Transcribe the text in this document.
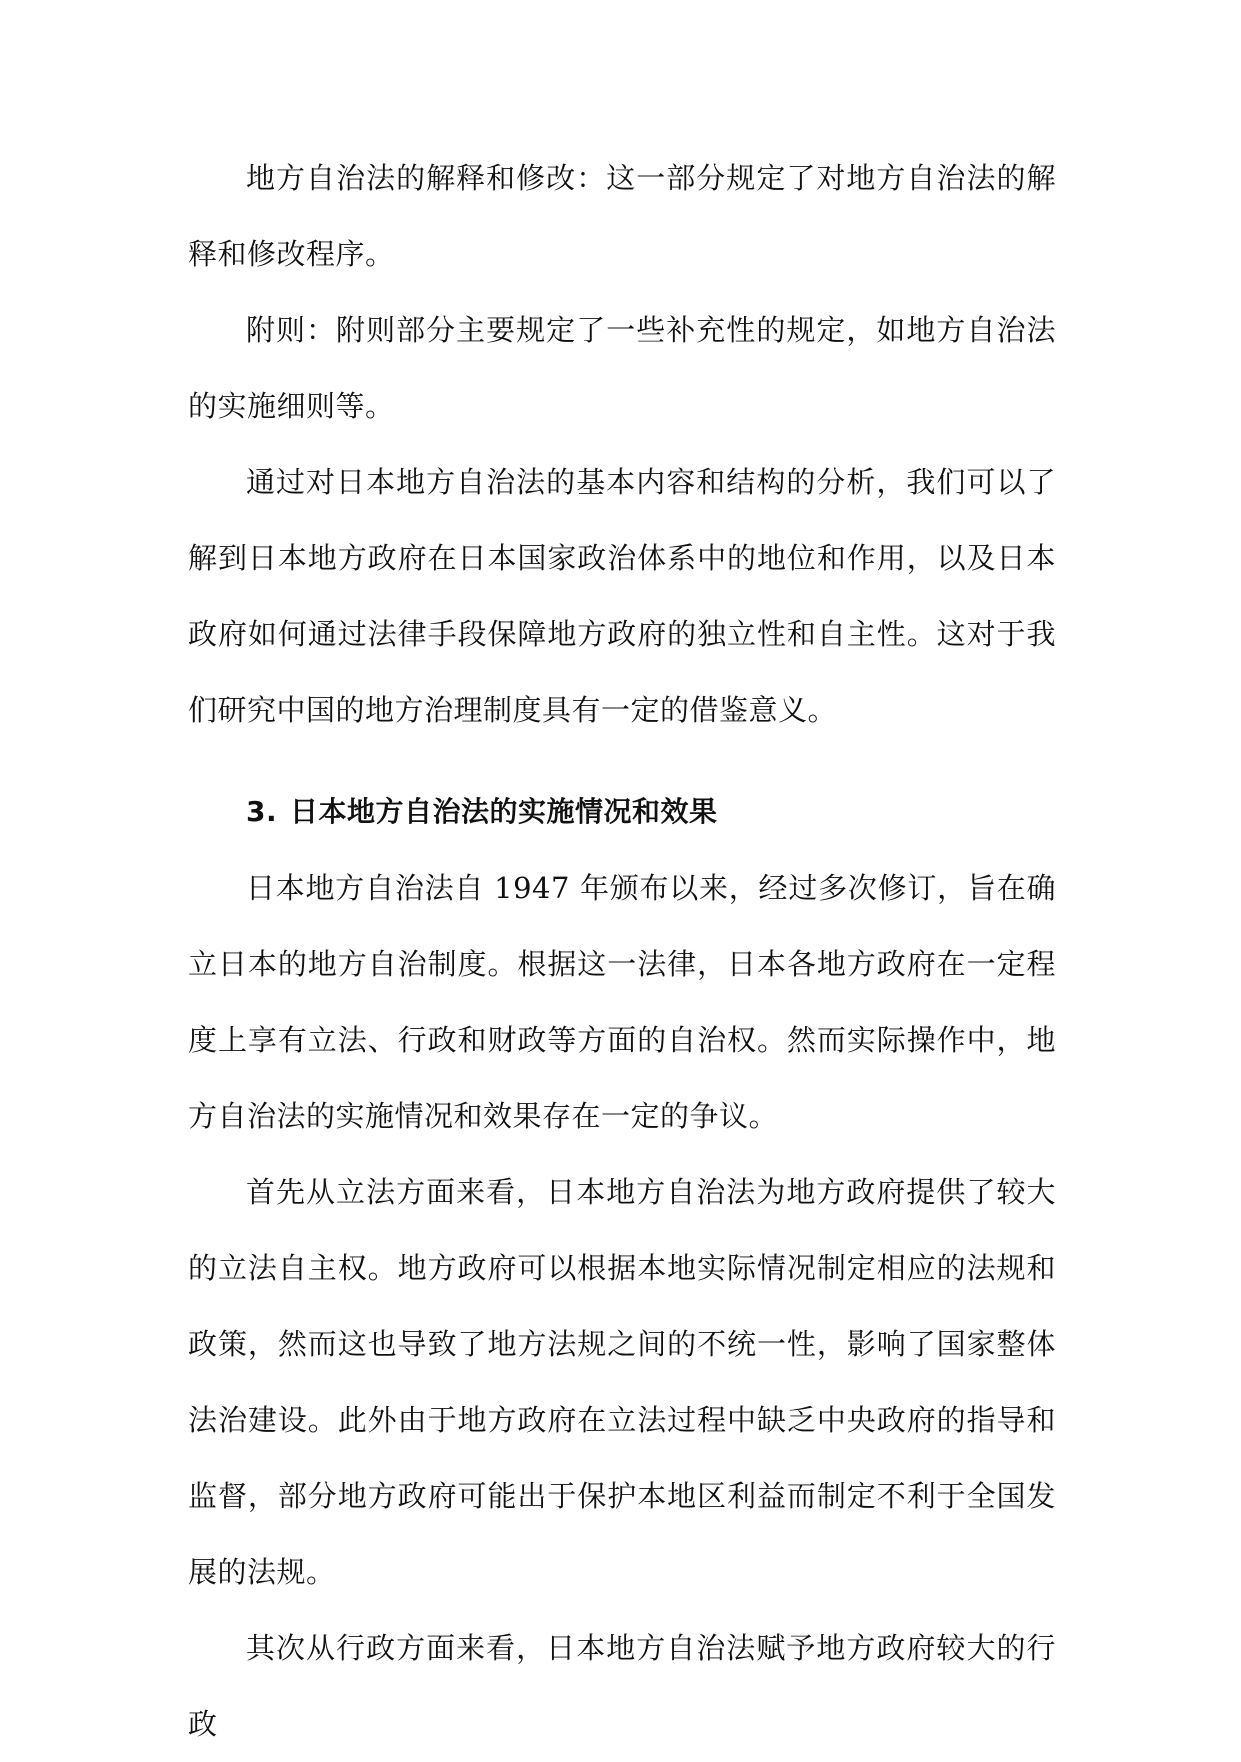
地方自治法的解释和修改：这一部分规定了对地方自治法的解释和修改程序。

附则：附则部分主要规定了一些补充性的规定，如地方自治法的实施细则等。

通过对日本地方自治法的基本内容和结构的分析，我们可以了解到日本地方政府在日本国家政治体系中的地位和作用，以及日本政府如何通过法律手段保障地方政府的独立性和自主性。这对于我们研究中国的地方治理制度具有一定的借鉴意义。

3. 日本地方自治法的实施情况和效果

日本地方自治法自 1947 年颁布以来，经过多次修订，旨在确立日本的地方自治制度。根据这一法律，日本各地方政府在一定程度上享有立法、行政和财政等方面的自治权。然而实际操作中，地方自治法的实施情况和效果存在一定的争议。

首先从立法方面来看，日本地方自治法为地方政府提供了较大的立法自主权。地方政府可以根据本地实际情况制定相应的法规和政策，然而这也导致了地方法规之间的不统一性，影响了国家整体法治建设。此外由于地方政府在立法过程中缺乏中央政府的指导和监督，部分地方政府可能出于保护本地区利益而制定不利于全国发展的法规。

其次从行政方面来看，日本地方自治法赋予地方政府较大的行政
